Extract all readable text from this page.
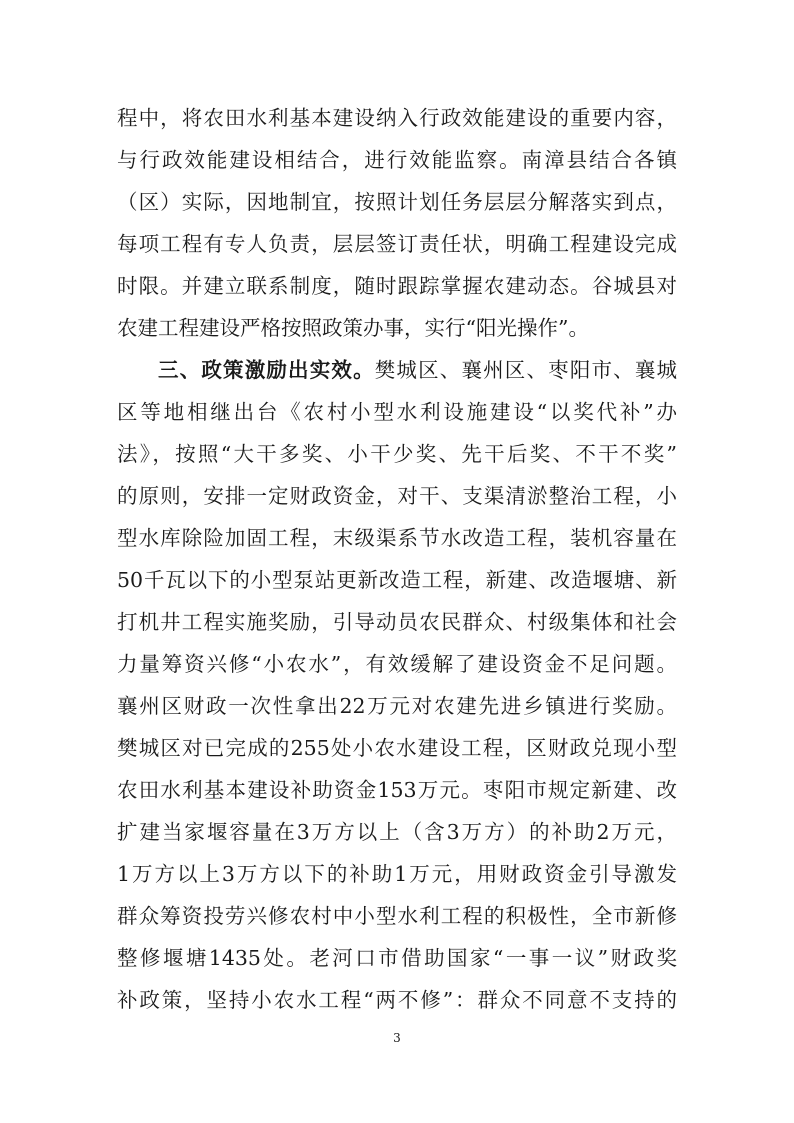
程中，将农田水利基本建设纳入行政效能建设的重要内容，
与行政效能建设相结合，进行效能监察。南漳县结合各镇
（区）实际，因地制宜，按照计划任务层层分解落实到点，
每项工程有专人负责，层层签订责任状，明确工程建设完成
时限。并建立联系制度，随时跟踪掌握农建动态。谷城县对
农建工程建设严格按照政策办事，实行“阳光操作”。
三、政策激励出实效。樊城区、襄州区、枣阳市、襄城
区等地相继出台《农村小型水利设施建设“以奖代补”办
法》，按照“大干多奖、小干少奖、先干后奖、不干不奖”
的原则，安排一定财政资金，对干、支渠清淤整治工程，小
型水库除险加固工程，末级渠系节水改造工程，装机容量在
50千瓦以下的小型泵站更新改造工程，新建、改造堰塘、新
打机井工程实施奖励，引导动员农民群众、村级集体和社会
力量筹资兴修“小农水”，有效缓解了建设资金不足问题。
襄州区财政一次性拿出22万元对农建先进乡镇进行奖励。
樊城区对已完成的255处小农水建设工程，区财政兑现小型
农田水利基本建设补助资金153万元。枣阳市规定新建、改
扩建当家堰容量在3万方以上（含3万方）的补助2万元，
1万方以上3万方以下的补助1万元，用财政资金引导激发
群众筹资投劳兴修农村中小型水利工程的积极性，全市新修
整修堰塘1435处。老河口市借助国家“一事一议”财政奖
补政策，坚持小农水工程“两不修”：群众不同意不支持的
3
